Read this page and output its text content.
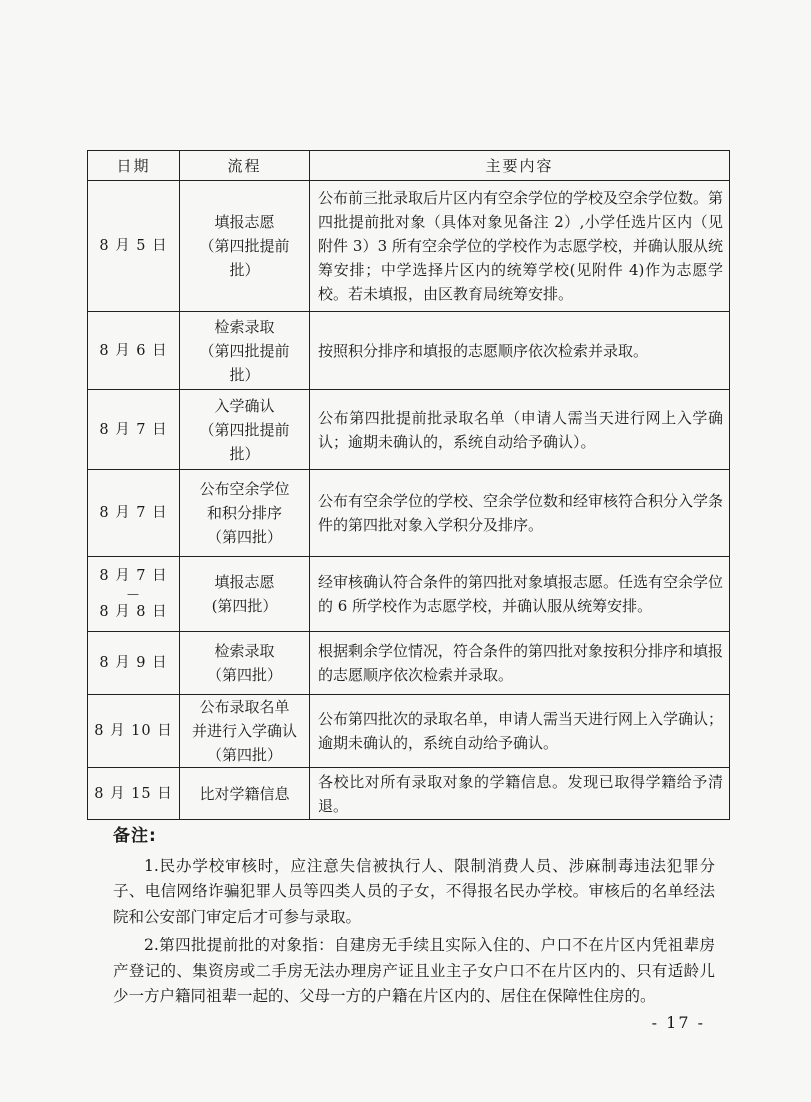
日期	流程	主要内容

8 月 5 日	填报志愿
（第四批提前
批）	公布前三批录取后片区内有空余学位的学校及空余学位数。第四批提前批对象（具体对象见备注 2）,小学任选片区内（见附件 3）3 所有空余学位的学校作为志愿学校，并确认服从统筹安排；中学选择片区内的统筹学校(见附件 4)作为志愿学校。若未填报，由区教育局统筹安排。

8 月 6 日	检索录取
（第四批提前
批）	按照积分排序和填报的志愿顺序依次检索并录取。

8 月 7 日	入学确认
（第四批提前
批）	公布第四批提前批录取名单（申请人需当天进行网上入学确认；逾期未确认的，系统自动给予确认）。

8 月 7 日	公布空余学位
和积分排序
（第四批）	公布有空余学位的学校、空余学位数和经审核符合积分入学条件的第四批对象入学积分及排序。

8 月 7 日
—
8 月 8 日	填报志愿
(第四批）	经审核确认符合条件的第四批对象填报志愿。任选有空余学位的 6 所学校作为志愿学校，并确认服从统筹安排。

8 月 9 日	检索录取
（第四批）	根据剩余学位情况，符合条件的第四批对象按积分排序和填报的志愿顺序依次检索并录取。

8 月 10 日	公布录取名单
并进行入学确认
（第四批）	公布第四批次的录取名单，申请人需当天进行网上入学确认；逾期未确认的，系统自动给予确认。

8 月 15 日	比对学籍信息	各校比对所有录取对象的学籍信息。发现已取得学籍给予清退。
备注:

1.民办学校审核时，应注意失信被执行人、限制消费人员、涉麻制毒违法犯罪分子、电信网络诈骗犯罪人员等四类人员的子女，不得报名民办学校。审核后的名单经法院和公安部门审定后才可参与录取。

2.第四批提前批的对象指：自建房无手续且实际入住的、户口不在片区内凭祖辈房产登记的、集资房或二手房无法办理房产证且业主子女户口不在片区内的、只有适龄儿少一方户籍同祖辈一起的、父母一方的户籍在片区内的、居住在保障性住房的。

- 17 -
